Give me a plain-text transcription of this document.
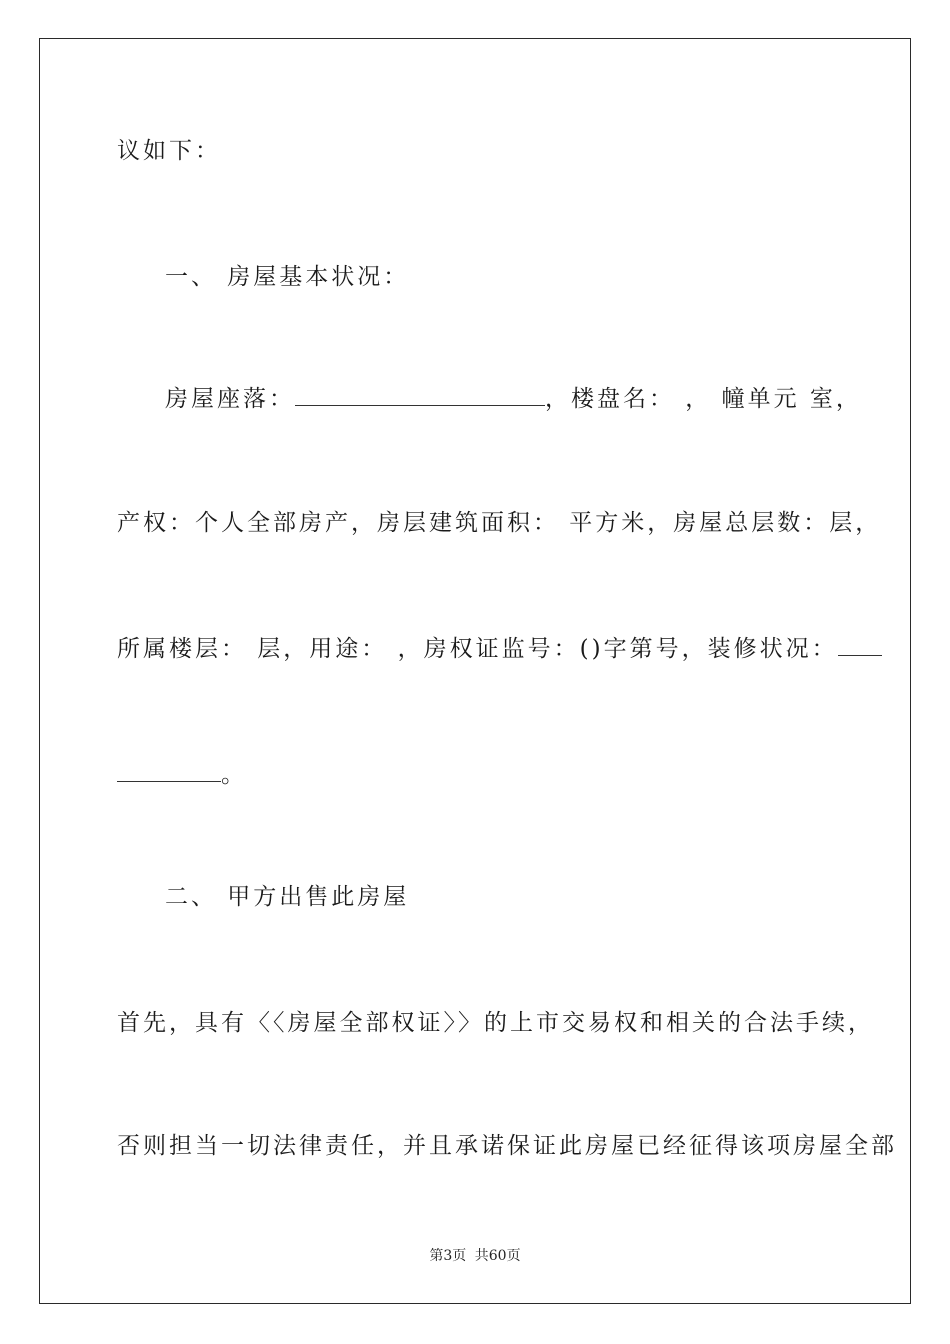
议如下：
一、 房屋基本状况：
房屋座落：	，楼盘名： ， 幢单元 室，
产权：个人全部房产，房层建筑面积： 平方米，房屋总层数：层，
所属楼层： 层，用途： ，房权证监号：()字第号，装修状况：
。
二、 甲方出售此房屋
首先，具有〈〈房屋全部权证〉〉的上市交易权和相关的合法手续，
否则担当一切法律责任，并且承诺保证此房屋已经征得该项房屋全部
第3页 共60页
